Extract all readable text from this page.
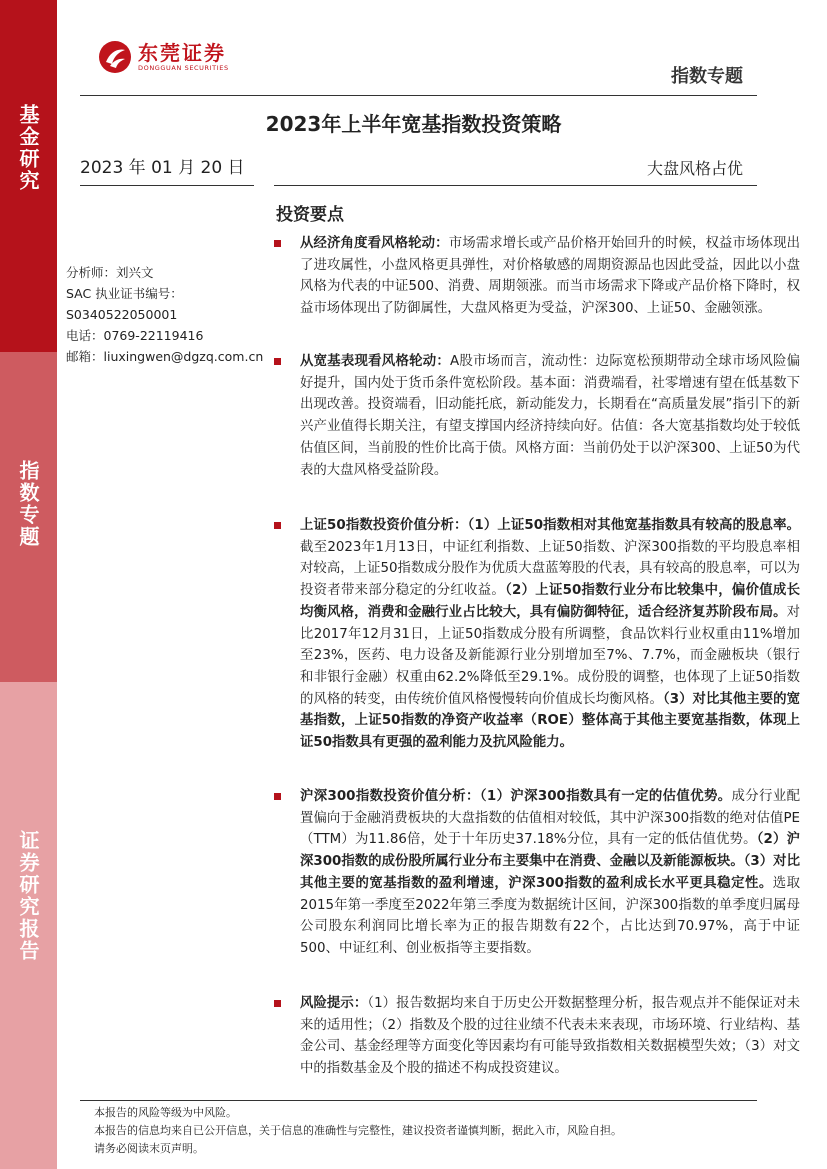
基金研究
指数专题
证券研究报告
东莞证券
DONGGUAN SECURITIES	指数专题
2023年上半年宽基指数投资策略
2023 年 01 月 20 日	大盘风格占优
投资要点
分析师：刘兴文
SAC 执业证书编号：
S0340522050001
电话：0769-22119416
邮箱：liuxingwen@dgzq.com.cn
从经济角度看风格轮动：市场需求增长或产品价格开始回升的时候，权益市场体现出了进攻属性，小盘风格更具弹性，对价格敏感的周期资源品也因此受益，因此以小盘风格为代表的中证500、消费、周期领涨。而当市场需求下降或产品价格下降时，权益市场体现出了防御属性，大盘风格更为受益，沪深300、上证50、金融领涨。
从宽基表现看风格轮动：A股市场而言，流动性：边际宽松预期带动全球市场风险偏好提升，国内处于货币条件宽松阶段。基本面：消费端看，社零增速有望在低基数下出现改善。投资端看，旧动能托底，新动能发力，长期看在“高质量发展”指引下的新兴产业值得长期关注，有望支撑国内经济持续向好。估值：各大宽基指数均处于较低估值区间，当前股的性价比高于债。风格方面：当前仍处于以沪深300、上证50为代表的大盘风格受益阶段。
上证50指数投资价值分析：（1）上证50指数相对其他宽基指数具有较高的股息率。截至2023年1月13日，中证红利指数、上证50指数、沪深300指数的平均股息率相对较高，上证50指数成分股作为优质大盘蓝筹股的代表，具有较高的股息率，可以为投资者带来部分稳定的分红收益。（2）上证50指数行业分布比较集中，偏价值成长均衡风格，消费和金融行业占比较大，具有偏防御特征，适合经济复苏阶段布局。对比2017年12月31日，上证50指数成分股有所调整，食品饮料行业权重由11%增加至23%，医药、电力设备及新能源行业分别增加至7%、7.7%，而金融板块（银行和非银行金融）权重由62.2%降低至29.1%。成份股的调整，也体现了上证50指数的风格的转变，由传统价值风格慢慢转向价值成长均衡风格。（3）对比其他主要的宽基指数，上证50指数的净资产收益率（ROE）整体高于其他主要宽基指数，体现上证50指数具有更强的盈利能力及抗风险能力。
沪深300指数投资价值分析：（1）沪深300指数具有一定的估值优势。成分行业配置偏向于金融消费板块的大盘指数的估值相对较低，其中沪深300指数的绝对估值PE（TTM）为11.86倍，处于十年历史37.18%分位，具有一定的低估值优势。（2）沪深300指数的成份股所属行业分布主要集中在消费、金融以及新能源板块。（3）对比其他主要的宽基指数的盈利增速，沪深300指数的盈利成长水平更具稳定性。选取2015年第一季度至2022年第三季度为数据统计区间，沪深300指数的单季度归属母公司股东利润同比增长率为正的报告期数有22个，占比达到70.97%，高于中证500、中证红利、创业板指等主要指数。
风险提示：（1）报告数据均来自于历史公开数据整理分析，报告观点并不能保证对未来的适用性；（2）指数及个股的过往业绩不代表未来表现，市场环境、行业结构、基金公司、基金经理等方面变化等因素均有可能导致指数相关数据模型失效；（3）对文中的指数基金及个股的描述不构成投资建议。
本报告的风险等级为中风险。
本报告的信息均来自已公开信息，关于信息的准确性与完整性，建议投资者谨慎判断，据此入市，风险自担。
请务必阅读末页声明。
